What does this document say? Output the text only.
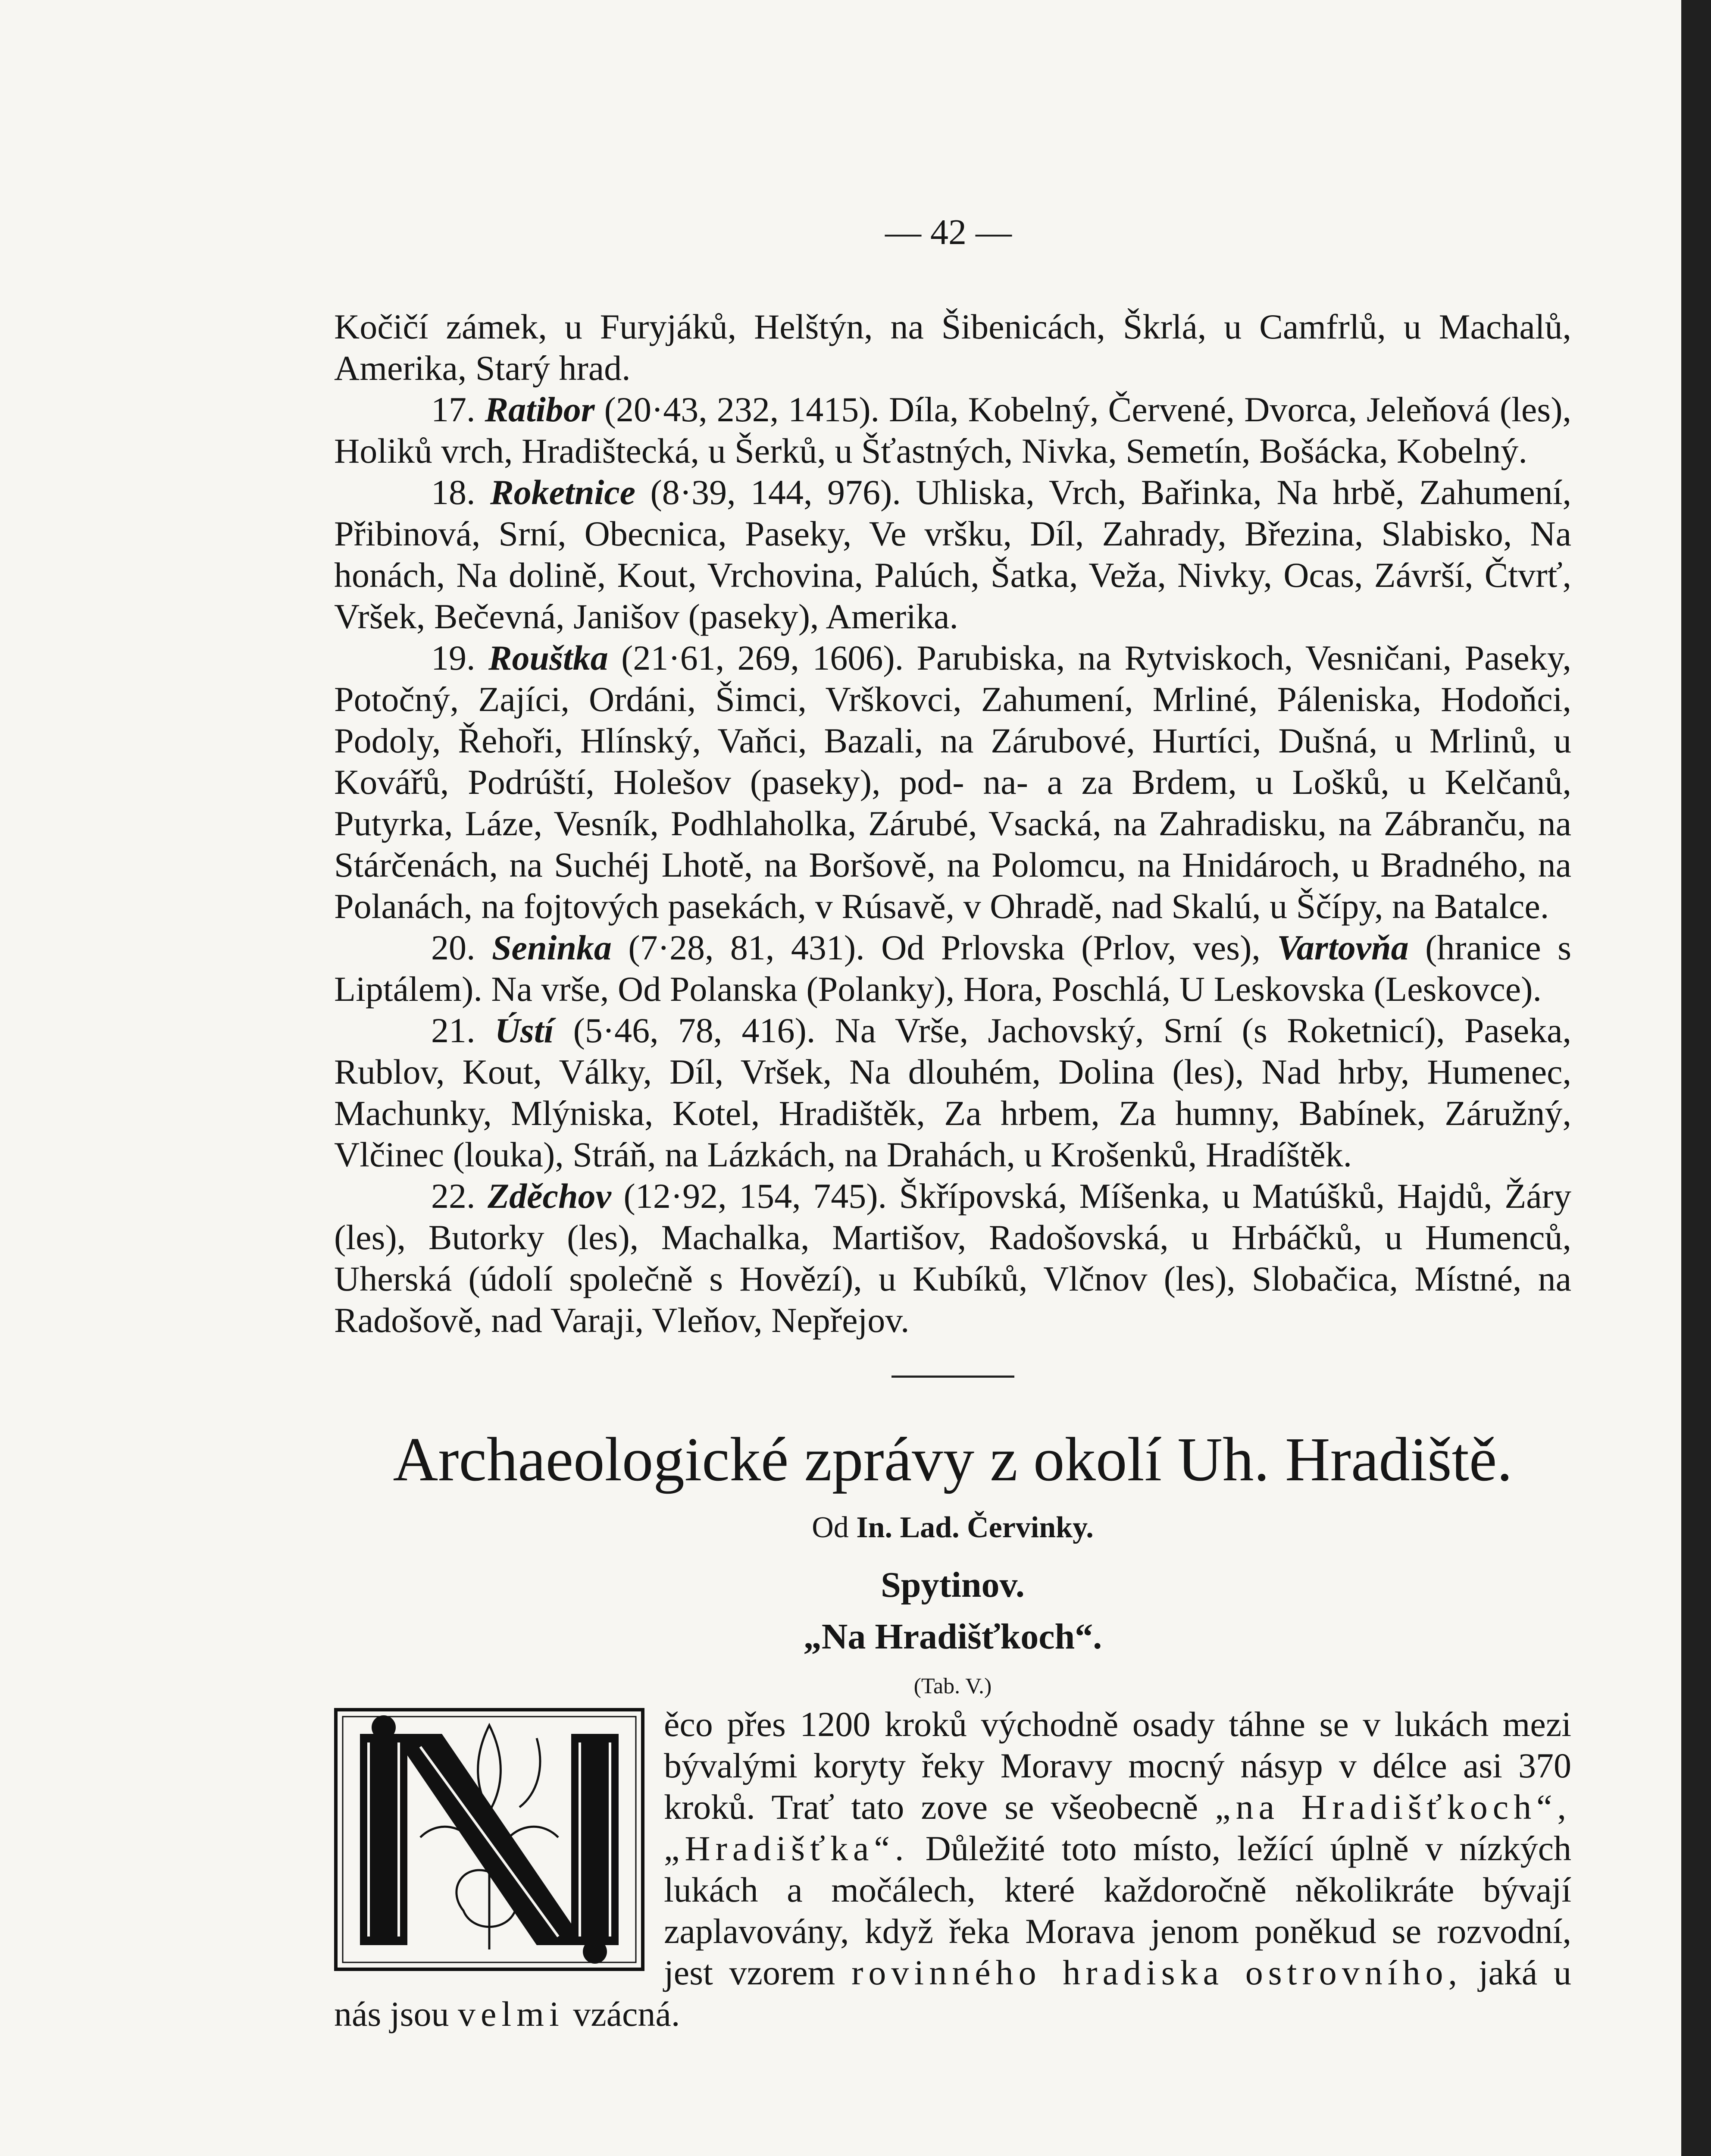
— 42 —

Kočičí zámek, u Furyjáků, Helštýn, na Šibenicách, Škrlá, u Camfrlů, u Machalů, Amerika, Starý hrad.

17. Ratibor (20·43, 232, 1415). Díla, Kobelný, Červené, Dvorca, Jeleňová (les), Holiků vrch, Hradištecká, u Šerků, u Šťastných, Nivka, Semetín, Bošácka, Kobelný.

18. Roketnice (8·39, 144, 976). Uhliska, Vrch, Bařinka, Na hrbě, Zahumení, Přibinová, Srní, Obecnica, Paseky, Ve vršku, Díl, Zahrady, Březina, Slabisko, Na honách, Na dolině, Kout, Vrchovina, Palúch, Šatka, Veža, Nivky, Ocas, Závrší, Čtvrť, Vršek, Bečevná, Janišov (paseky), Amerika.

19. Rouštka (21·61, 269, 1606). Parubiska, na Rytviskoch, Vesničani, Paseky, Potočný, Zajíci, Ordáni, Šimci, Vrškovci, Zahumení, Mrliné, Páleniska, Hodoňci, Podoly, Řehoři, Hlínský, Vaňci, Bazali, na Zárubové, Hurtíci, Dušná, u Mrlinů, u Kovářů, Podrúští, Holešov (paseky), pod- na- a za Brdem, u Lošků, u Kelčanů, Putyrka, Láze, Vesník, Podhlaholka, Zárubé, Vsacká, na Zahradisku, na Zábranču, na Stárčenách, na Suchéj Lhotě, na Boršově, na Polomcu, na Hnidároch, u Bradného, na Polanách, na fojtových pasekách, v Rúsavě, v Ohradě, nad Skalú, u Ščípy, na Batalce.

20. Seninka (7·28, 81, 431). Od Prlovska (Prlov, ves), Vartovňa (hranice s Liptálem). Na vrše, Od Polanska (Polanky), Hora, Poschlá, U Leskovska (Leskovce).

21. Ústí (5·46, 78, 416). Na Vrše, Jachovský, Srní (s Roketnicí), Paseka, Rublov, Kout, Války, Díl, Vršek, Na dlouhém, Dolina (les), Nad hrby, Humenec, Machunky, Mlýniska, Kotel, Hradištěk, Za hrbem, Za humny, Babínek, Záružný, Vlčinec (louka), Stráň, na Lázkách, na Drahách, u Krošenků, Hradíštěk.

22. Zděchov (12·92, 154, 745). Škřípovská, Míšenka, u Matúšků, Hajdů, Žáry (les), Butorky (les), Machalka, Martišov, Radošovská, u Hrbáčků, u Humenců, Uherská (údolí společně s Hovězí), u Kubíků, Vlčnov (les), Slobačica, Místné, na Radošově, nad Varaji, Vleňov, Nepřejov.

Archaeologické zprávy z okolí Uh. Hradiště.
Od In. Lad. Červinky.
Spytinov.
„Na Hradišťkoch“.
(Tab. V.)

ěco přes 1200 kroků východně osady táhne se v lukách mezi bývalými koryty řeky Moravy mocný násyp v délce asi 370 kroků. Trať tato zove se všeobecně „na Hradišťkoch“, „Hradišťka“. Důležité toto místo, ležící úplně v nízkých lukách a močálech, které každoročně několikráte bývají zaplavovány, když řeka Morava jenom poněkud se rozvodní, jest vzorem rovinného hradiska ostrovního, jaká u nás jsou velmi vzácná.
